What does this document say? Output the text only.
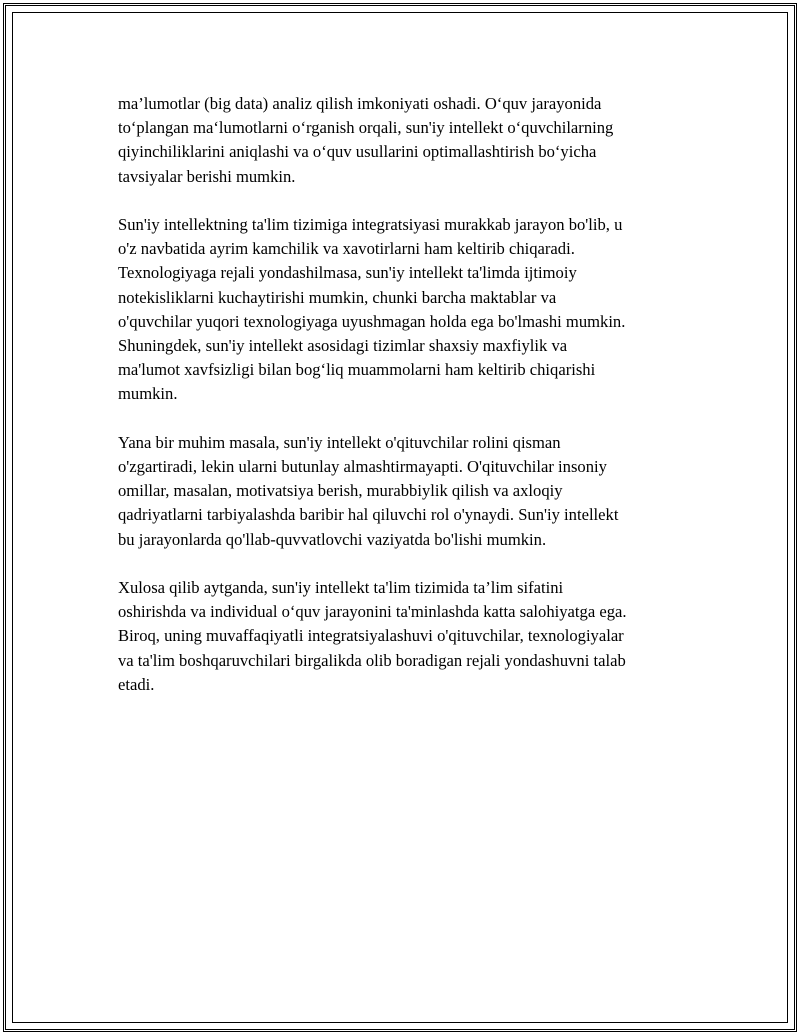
ma’lumotlar (big data) analiz qilish imkoniyati oshadi. O‘quv jarayonida
to‘plangan ma‘lumotlarni o‘rganish orqali, sun'iy intellekt o‘quvchilarning
qiyinchiliklarini aniqlashi va o‘quv usullarini optimallashtirish bo‘yicha
tavsiyalar berishi mumkin.

Sun'iy intellektning ta'lim tizimiga integratsiyasi murakkab jarayon bo'lib, u
o'z navbatida ayrim kamchilik va xavotirlarni ham keltirib chiqaradi.
Texnologiyaga rejali yondashilmasa, sun'iy intellekt ta'limda ijtimoiy
notekisliklarni kuchaytirishi mumkin, chunki barcha maktablar va
o'quvchilar yuqori texnologiyaga uyushmagan holda ega bo'lmashi mumkin.
Shuningdek, sun'iy intellekt asosidagi tizimlar shaxsiy maxfiylik va
ma'lumot xavfsizligi bilan bog‘liq muammolarni ham keltirib chiqarishi
mumkin.

Yana bir muhim masala, sun'iy intellekt o'qituvchilar rolini qisman
o'zgartiradi, lekin ularni butunlay almashtirmayapti. O'qituvchilar insoniy
omillar, masalan, motivatsiya berish, murabbiylik qilish va axloqiy
qadriyatlarni tarbiyalashda baribir hal qiluvchi rol o'ynaydi. Sun'iy intellekt
bu jarayonlarda qo'llab-quvvatlovchi vaziyatda bo'lishi mumkin.

Xulosa qilib aytganda, sun'iy intellekt ta'lim tizimida ta’lim sifatini
oshirishda va individual o‘quv jarayonini ta'minlashda katta salohiyatga ega.
Biroq, uning muvaffaqiyatli integratsiyalashuvi o'qituvchilar, texnologiyalar
va ta'lim boshqaruvchilari birgalikda olib boradigan rejali yondashuvni talab
etadi.
